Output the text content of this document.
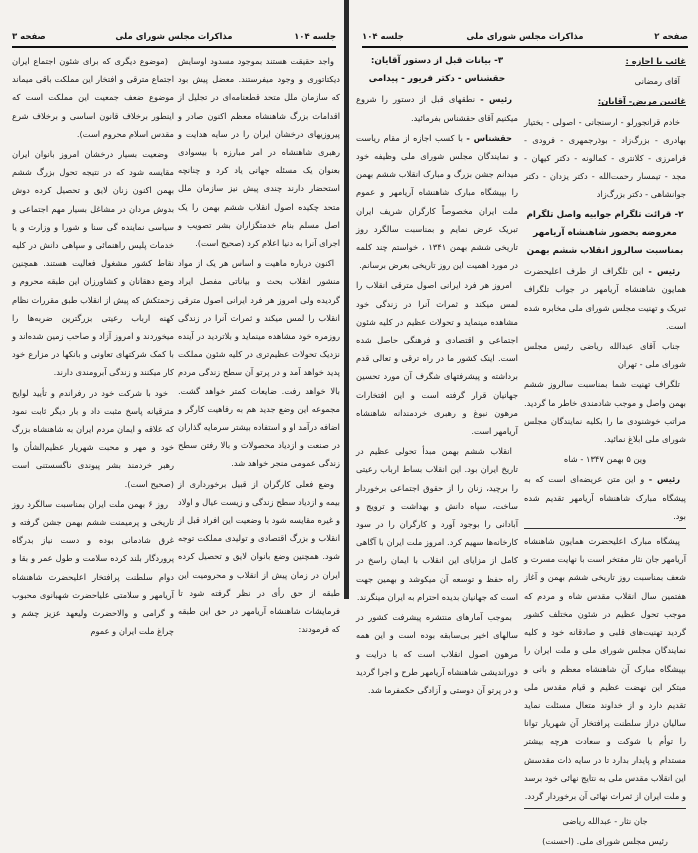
جلسه ۱۰۴
مذاکرات مجلس شورای ملی
صفحه ۳

واجد حقیقت هستند بموجود مسدود اوسایش دیکتاتوری و وجود میفرستند. معضل پیش بود که سازمان ملل متحد قطعنامه‌ای در تجلیل از اقدامات بزرگ شاهنشاه معظم اکنون صادر و پیروزیهای درخشان ایران را در سایه هدایت و رهبری شاهنشاه در امر مبارزه با بیسوادی بعنوان یک مسئله جهانی یاد کرد و چنانچه استحضار دارند چندی پیش نیز سازمان ملل متحد چکیده اصول انقلاب ششم بهمن را یک اصل مسلم بنام خدمتگزاران بشر تصویب و اجرای آنرا به دنیا اعلام کرد (صحیح است).

اکنون درباره ماهیت و اساس هر یک از مواد منشور انقلاب بحث و بیاناتی مفصل ایراد گردیده ولی امروز هر فرد ایرانی اصول مترقی انقلاب را لمس میکند و ثمرات آنرا در زندگی روزمره خود مشاهده مینماید و بلاتردید در آینده نزدیک تحولات عظیم‌تری در کلیه شئون مملکت پدید خواهد آمد و در پرتو آن سطح زندگی مردم بالا خواهد رفت. ضایعات کمتر خواهد گشت. مجموعه این وضع جدید هم به رفاهیت کارگر و اضافه درآمد او و استفاده بیشتر سرمایه گذاران در صنعت و ازدیاد محصولات و بالا رفتن سطح زندگی عمومی منجر خواهد شد.

وضع فعلی کارگران از قبیل برخورداری از بیمه و ازدیاد سطح زندگی و زیست عیال و اولاد و غیره مقایسه شود با وضعیت این افراد قبل از انقلاب و بزرگ اقتصادی و تولیدی مملکت توجه شود. همچنین وضع بانوان لایق و تحصیل کرده ایران در زمان پیش از انقلاب و محرومیت این طبقه از حق رأی در نظر گرفته شود تا فرمایشات شاهنشاه آریامهر در حق این طبقه که فرمودند:

(موضوع دیگری که برای شئون اجتماع ایران اجتماع مترقی و افتخار این مملکت باقی میماند موضوع ضعف جمعیت این مملکت است که اینطور برخلاف قانون اساسی و برخلاف شرع مقدس اسلام محروم است).

وضعیت بسیار درخشان امروز بانوان ایران مقایسه شود که در نتیجه تحول بزرگ ششم بهمن اکنون زنان لایق و تحصیل کرده دوش بدوش مردان در مشاغل بسیار مهم اجتماعی و سیاسی نماینده گی سنا و شورا و وزارت و یا خدمات پلیس راهنمائی و سپاهی دانش در کلیه نقاط کشور مشغول فعالیت هستند. همچنین وضع دهقانان و کشاورزان این طبقه محروم و زحمتکش که پیش از انقلاب طبق مقررات نظام کهنه ارباب رعیتی بزرگترین ضربه‌ها را میخوردند و امروز آزاد و صاحب زمین شده‌اند و با کمک شرکتهای تعاونی و بانکها در مزارع خود کار میکنند و زندگی آبرومندی دارند.

خود با شرکت خود در رفراندم و تأیید لوایح مترقیانه پاسخ مثبت داد و بار دیگر ثابت نمود که علاقه و ایمان مردم ایران به شاهنشاه بزرگ خود و مهر و محبت شهریار عظیم‌الشأن وا رهبر خردمند بشر پیوندی ناگسستنی است (صحیح است).

روز ۶ بهمن ملت ایران بمناسبت سالگرد روز تاریخی و پرمیمنت ششم بهمن جشن گرفته و غرق شادمانی بوده و دست نیاز بدرگاه پروردگار بلند کرده سلامت و طول عمر و بقا و دوام سلطنت پرافتخار اعلیحضرت شاهنشاه آریامهر و سلامتی علیاحضرت شهبانوی محبوب و گرامی و والاحضرت ولیعهد عزیز چشم و چراغ ملت ایران و عموم

صفحه ۲
مذاکرات مجلس شورای ملی
جلسه ۱۰۴

غائب با اجازه :

آقای رمضانی

غائبین مریض- آقایان:

خادم قرانجورلو - ارسنجانی - اصولی - بختیار بهادری - بزرگ‌زاد - بوذرجمهری - فرودی - فرامرزی - کلانتری - کمالونه - دکتر کیهان - مجد - تیمسار رحمت‌الله - دکتر یزدان - دکتر جوانشاهی - دکتر بزرگ‌زاد

۲- قرائت تلگرام جوابیه واصل تلگرام معروضه بحضور شاهنشاه آریامهر بمناسبت سالروز انقلاب ششم بهمن

رئیس - این تلگراف از طرف اعلیحضرت همایون شاهنشاه آریامهر در جواب تلگراف تبریک و تهنیت مجلس شورای ملی مخابره شده است.

جناب آقای عبدالله ریاضی رئیس مجلس شورای ملی - تهران

تلگراف تهنیت شما بمناسبت سالروز ششم بهمن واصل و موجب شادمندی خاطر ما گردید. مراتب خوشنودی ما را بکلیه نمایندگان مجلس شورای ملی ابلاغ نمائید.

وین ۵ بهمن ۱۳۴۷ - شاه

رئیس - و این متن عریضه‌ای است که به پیشگاه مبارک شاهنشاه آریامهر تقدیم شده بود.

پیشگاه مبارک اعلیحضرت همایون شاهنشاه آریامهر جان نثار مفتخر است با نهایت مسرت و شعف بمناسبت روز تاریخی ششم بهمن و آغاز هفتمین سال انقلاب مقدس شاه و مردم که موجب تحول عظیم در شئون مختلف کشور گردید تهنیت‌های قلبی و صادقانه خود و کلیه نمایندگان مجلس شورای ملی و ملت ایران را بپیشگاه مبارک آن شاهنشاه معظم و بانی و مبتکر این نهضت عظیم و قیام مقدس ملی تقدیم دارد و از خداوند متعال مسئلت نماید سالیان دراز سلطنت پرافتخار آن شهریار توانا را توأم با شوکت و سعادت هرچه بیشتر مستدام و پایدار بدارد تا در سایه ذات مقدسش این انقلاب مقدس ملی به نتایج نهائی خود برسد و ملت ایران از ثمرات نهائی آن برخوردار گردد.

جان نثار - عبدالله ریاضی

رئیس مجلس شورای ملی. (احسنت)

۳- بیانات قبل از دستور آقایان: حقشناس - دکتر فریور - پیدامی

رئیس - نطقهای قبل از دستور را شروع میکنیم آقای حقشناس بفرمائید.

حقشناس - با کسب اجازه از مقام ریاست و نمایندگان مجلس شورای ملی وظیفه خود میدانم جشن بزرگ و مبارک انقلاب ششم بهمن را بپیشگاه مبارک شاهنشاه آریامهر و عموم ملت ایران مخصوصاً کارگران شریف ایران تبریک عرض نمایم و بمناسبت سالگرد روز تاریخی ششم بهمن ۱۳۴۱ ، خواستم چند کلمه در مورد اهمیت این روز تاریخی بعرض برسانم.

امروز هر فرد ایرانی اصول مترقی انقلاب را لمس میکند و ثمرات آنرا در زندگی خود مشاهده مینماید و تحولات عظیم در کلیه شئون اجتماعی و اقتصادی و فرهنگی حاصل شده است. اینک کشور ما در راه ترقی و تعالی قدم برداشته و پیشرفتهای شگرف آن مورد تحسین جهانیان قرار گرفته است و این افتخارات مرهون نبوغ و رهبری خردمندانه شاهنشاه آریامهر است.

انقلاب ششم بهمن مبدأ تحولی عظیم در تاریخ ایران بود. این انقلاب بساط ارباب رعیتی را برچید، زنان را از حقوق اجتماعی برخوردار ساخت، سپاه دانش و بهداشت و ترویج و آبادانی را بوجود آورد و کارگران را در سود کارخانه‌ها سهیم کرد. امروز ملت ایران با آگاهی کامل از مزایای این انقلاب با ایمان راسخ در راه حفظ و توسعه آن میکوشد و بهمین جهت است که جهانیان بدیده احترام به ایران مینگرند.

بموجب آمارهای منتشره پیشرفت کشور در سالهای اخیر بی‌سابقه بوده است و این همه مرهون اصول انقلاب است که با درایت و دوراندیشی شاهنشاه آریامهر طرح و اجرا گردید و در پرتو آن دوستی و آزادگی حکمفرما شد.
